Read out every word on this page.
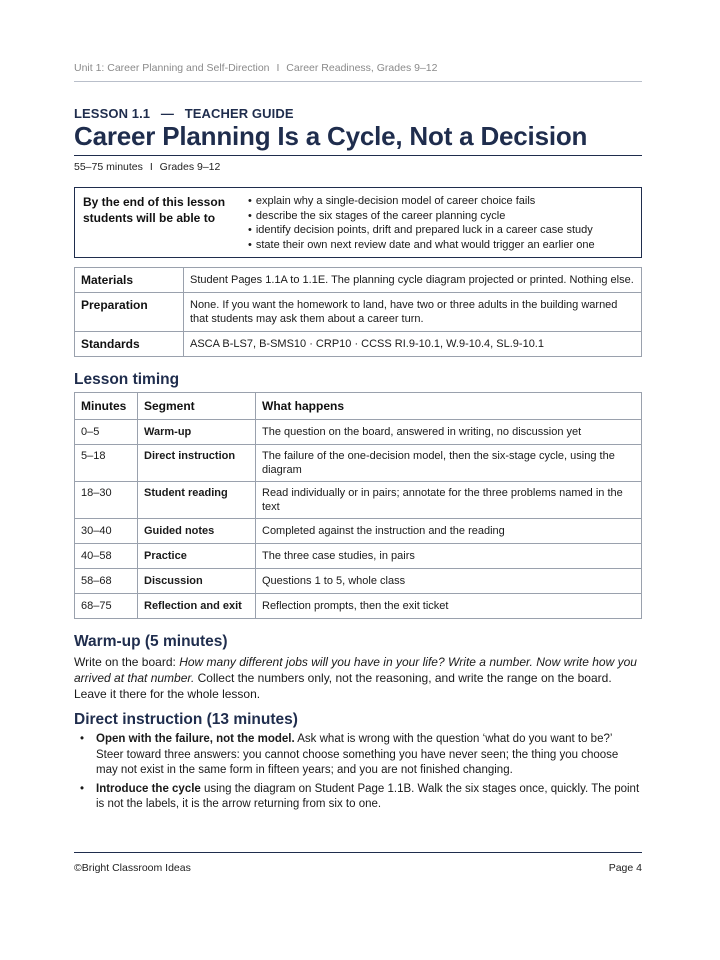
Unit 1: Career Planning and Self-Direction I Career Readiness, Grades 9–12
LESSON 1.1 — TEACHER GUIDE
Career Planning Is a Cycle, Not a Decision
55–75 minutes I Grades 9–12
By the end of this lesson students will be able to
• explain why a single-decision model of career choice fails
• describe the six stages of the career planning cycle
• identify decision points, drift and prepared luck in a career case study
• state their own next review date and what would trigger an earlier one
Materials	Student Pages 1.1A to 1.1E. The planning cycle diagram projected or printed. Nothing else.
Preparation	None. If you want the homework to land, have two or three adults in the building warned that students may ask them about a career turn.
Standards	ASCA B-LS7, B-SMS10 · CRP10 · CCSS RI.9-10.1, W.9-10.4, SL.9-10.1
Lesson timing
Minutes	Segment	What happens
0–5	Warm-up	The question on the board, answered in writing, no discussion yet
5–18	Direct instruction	The failure of the one-decision model, then the six-stage cycle, using the diagram
18–30	Student reading	Read individually or in pairs; annotate for the three problems named in the text
30–40	Guided notes	Completed against the instruction and the reading
40–58	Practice	The three case studies, in pairs
58–68	Discussion	Questions 1 to 5, whole class
68–75	Reflection and exit	Reflection prompts, then the exit ticket
Warm-up (5 minutes)
Write on the board: How many different jobs will you have in your life? Write a number. Now write how you arrived at that number. Collect the numbers only, not the reasoning, and write the range on the board. Leave it there for the whole lesson.
Direct instruction (13 minutes)
• Open with the failure, not the model. Ask what is wrong with the question ‘what do you want to be?’ Steer toward three answers: you cannot choose something you have never seen; the thing you choose may not exist in the same form in fifteen years; and you are not finished changing.
• Introduce the cycle using the diagram on Student Page 1.1B. Walk the six stages once, quickly. The point is not the labels, it is the arrow returning from six to one.
©Bright Classroom Ideas	Page 4
